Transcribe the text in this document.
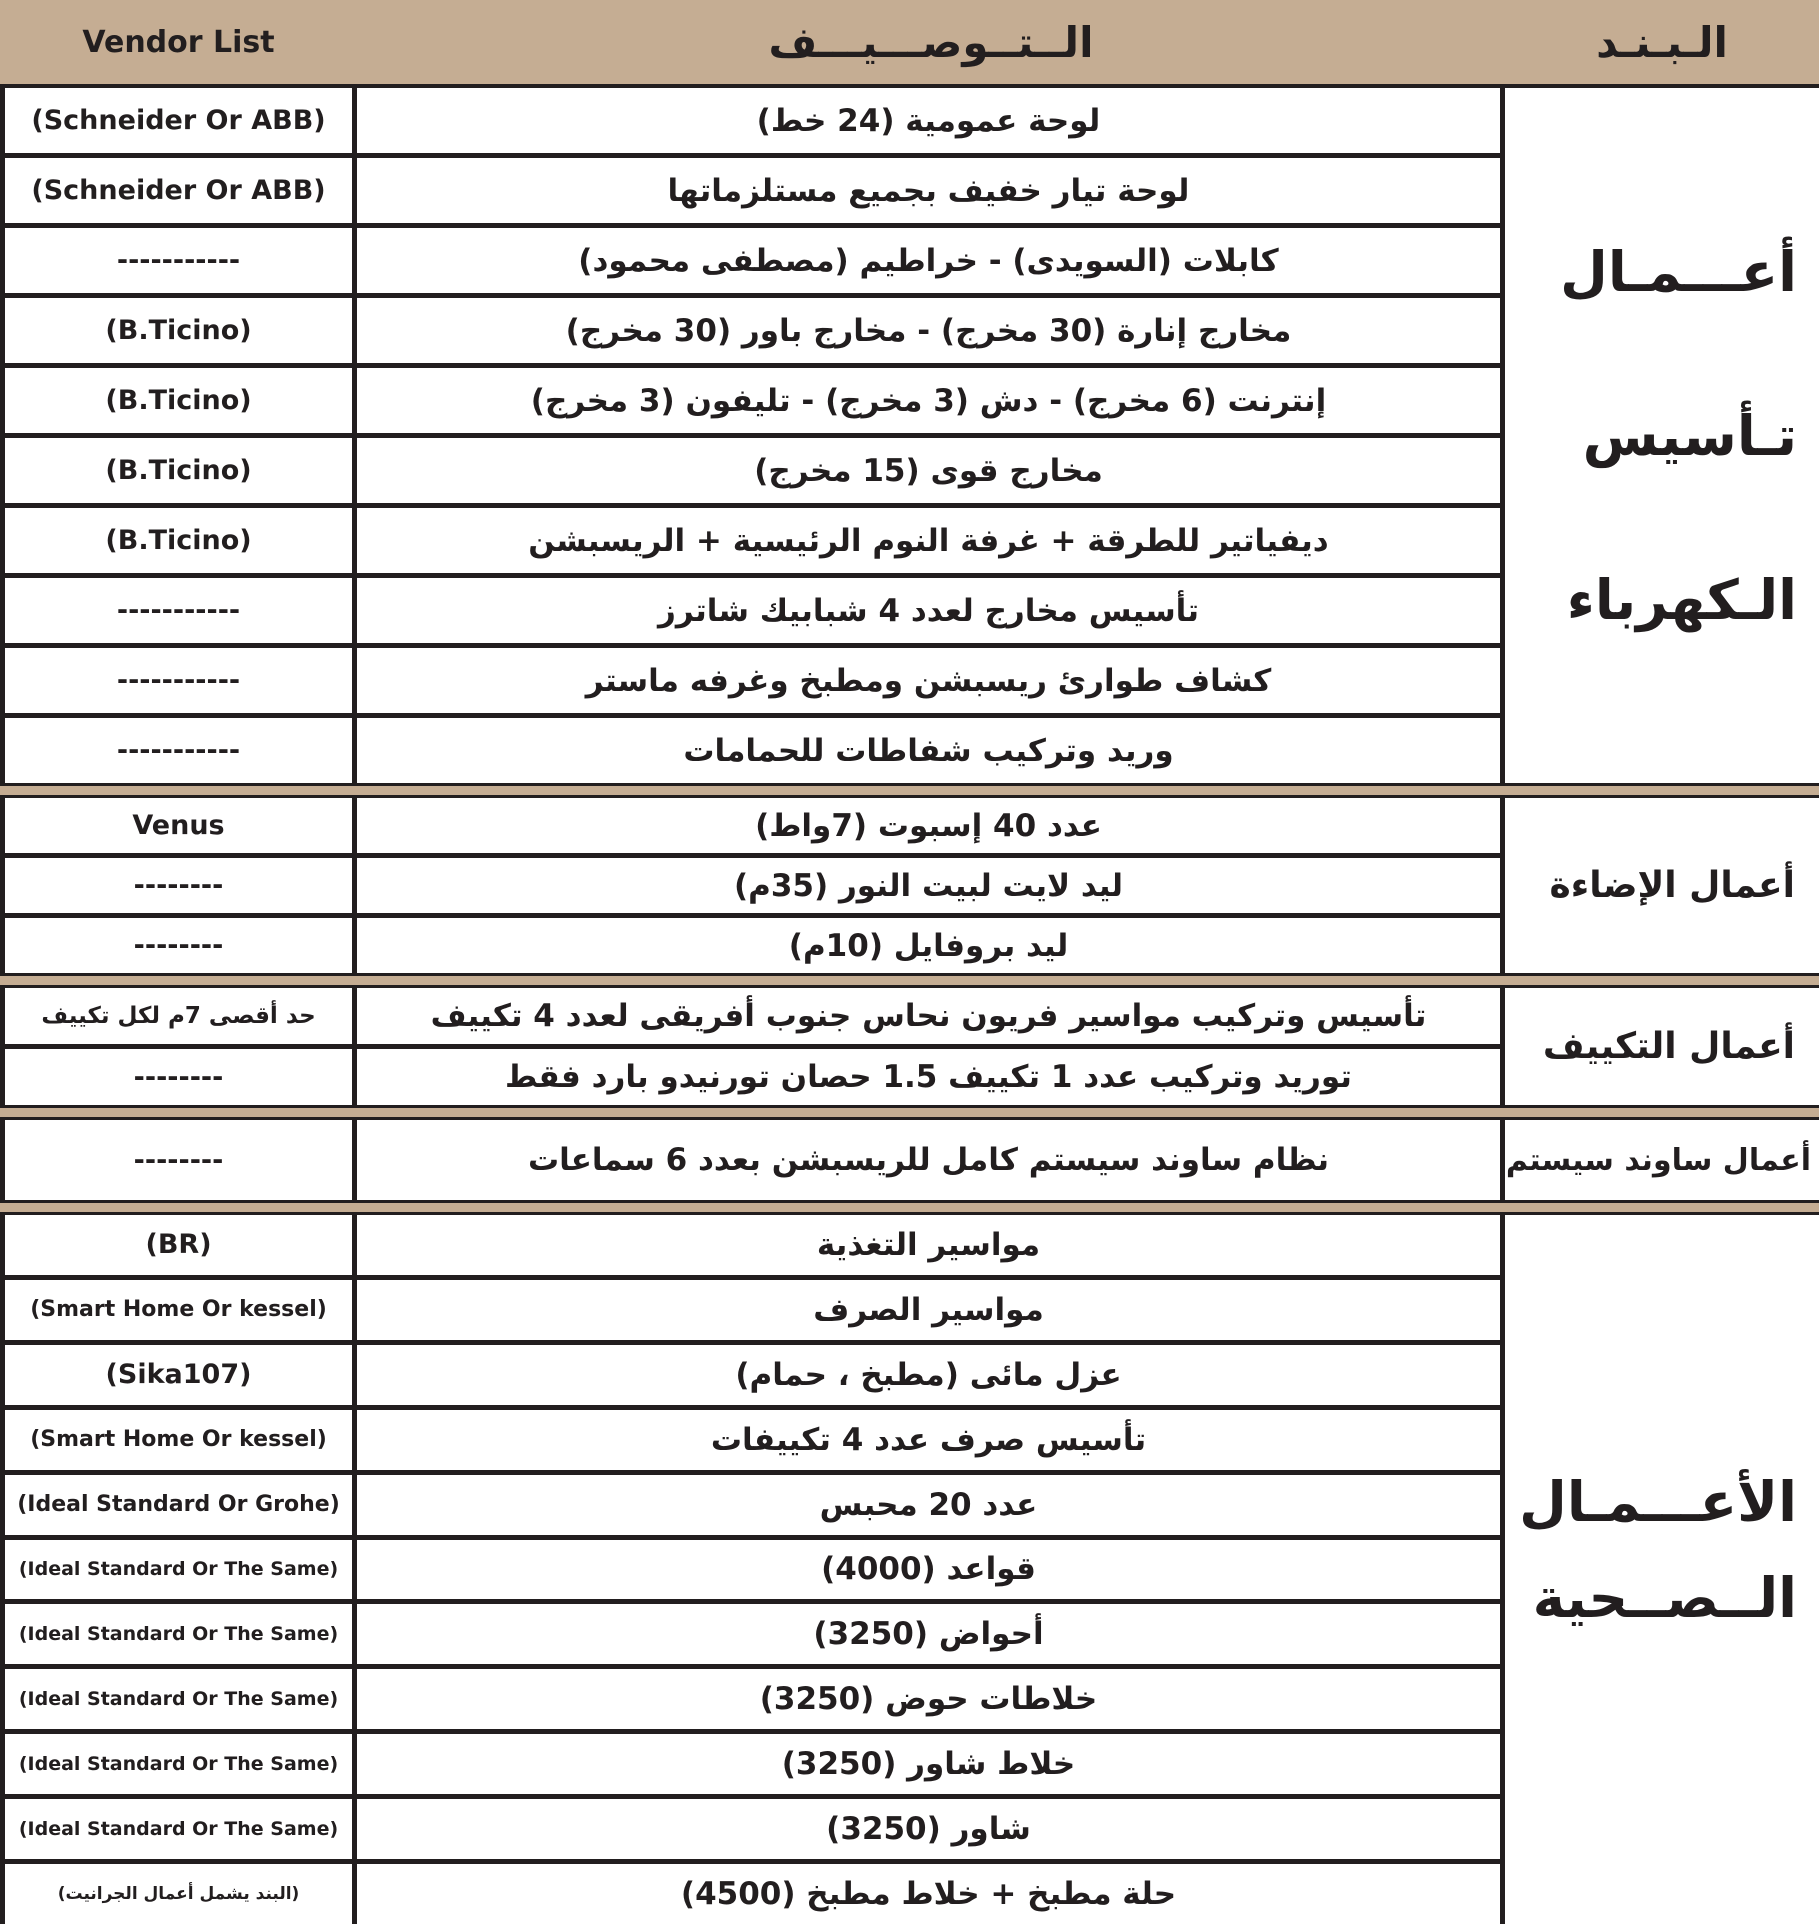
Vendor List	الــتــوصـــيـــف	الـبـنـد
(Schneider Or ABB)	لوحة عمومية (24 خط)
(Schneider Or ABB)	لوحة تيار خفيف بجميع مستلزماتها
-----------	كابلات (السويدى) - خراطيم (مصطفى محمود)
(B.Ticino)	مخارج إنارة (30 مخرج) - مخارج باور (30 مخرج)
(B.Ticino)	إنترنت (6 مخرج) - دش (3 مخرج) - تليفون (3 مخرج)
(B.Ticino)	مخارج قوى (15 مخرج)
(B.Ticino)	ديفياتير للطرقة + غرفة النوم الرئيسية + الريسبشن
-----------	تأسيس مخارج لعدد 4 شبابيك شاترز
-----------	كشاف طوارئ ريسبشن ومطبخ وغرفه ماستر
-----------	وريد وتركيب شفاطات للحمامات
أعـــمـال
تـأسيس
الـكهرباء
Venus	عدد 40 إسبوت (7واط)
--------	ليد لايت لبيت النور (35م)
--------	ليد بروفايل (10م)
أعمال الإضاءة
حد أقصى 7م لكل تكييف	تأسيس وتركيب مواسير فريون نحاس جنوب أفريقى لعدد 4 تكييف
--------	توريد وتركيب عدد 1 تكييف 1.5 حصان تورنيدو بارد فقط
أعمال التكييف
--------	نظام ساوند سيستم كامل للريسبشن بعدد 6 سماعات	أعمال ساوند سيستم
(BR)	مواسير التغذية
(Smart Home Or kessel)	مواسير الصرف
(Sika107)	عزل مائى (مطبخ ، حمام)
(Smart Home Or kessel)	تأسيس صرف عدد 4 تكييفات
(Ideal Standard Or Grohe)	عدد 20 محبس
(Ideal Standard Or The Same)	قواعد (4000)
(Ideal Standard Or The Same)	أحواض (3250)
(Ideal Standard Or The Same)	خلاطات حوض (3250)
(Ideal Standard Or The Same)	خلاط شاور (3250)
(Ideal Standard Or The Same)	شاور (3250)
(البند يشمل أعمال الجرانيت)	حلة مطبخ + خلاط مطبخ (4500)
الأعـــمـال
الــصــحية
